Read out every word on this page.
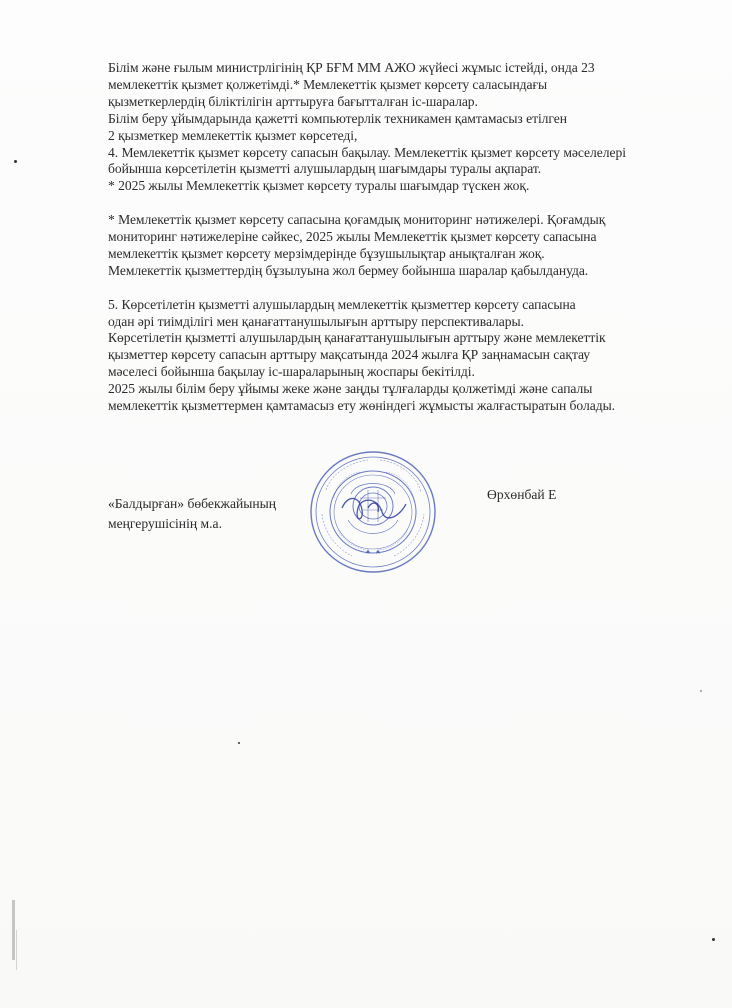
Білім және ғылым министрлігінің ҚР БҒМ ММ АЖО жүйесі жұмыс істейді, онда 23
мемлекеттік қызмет қолжетімді.* Мемлекеттік қызмет көрсету саласындағы
қызметкерлердің біліктілігін арттыруға бағытталған іс-шаралар.
Білім беру ұйымдарында қажетті компьютерлік техникамен қамтамасыз етілген
2 қызметкер мемлекеттік қызмет көрсетеді,
4. Мемлекеттік қызмет көрсету сапасын бақылау. Мемлекеттік қызмет көрсету мәселелері
бойынша көрсетілетін қызметті алушылардың шағымдары туралы ақпарат.
* 2025 жылы Мемлекеттік қызмет көрсету туралы шағымдар түскен жоқ.
* Мемлекеттік қызмет көрсету сапасына қоғамдық мониторинг нәтижелері. Қоғамдық
мониторинг нәтижелеріне сәйкес, 2025 жылы Мемлекеттік қызмет көрсету сапасына
мемлекеттік қызмет көрсету мерзімдерінде бұзушылықтар анықталған жоқ.
Мемлекеттік қызметтердің бұзылуына жол бермеу бойынша шаралар қабылдануда.
5. Көрсетілетін қызметті алушылардың мемлекеттік қызметтер көрсету сапасына
одан әрі тиімділігі мен қанағаттанушылығын арттыру перспективалары.
Көрсетілетін қызметті алушылардың қанағаттанушылығын арттыру және мемлекеттік
қызметтер көрсету сапасын арттыру мақсатында 2024 жылға ҚР заңнамасын сақтау
мәселесі бойынша бақылау іс-шараларының жоспары бекітілді.
2025 жылы білім беру ұйымы жеке және заңды тұлғаларды қолжетімді және сапалы
мемлекеттік қызметтермен қамтамасыз ету жөніндегі жұмысты жалғастыратын болады.
«Балдырған» бөбекжайының
меңгерушісінің м.а.
Өрхөнбай Е
